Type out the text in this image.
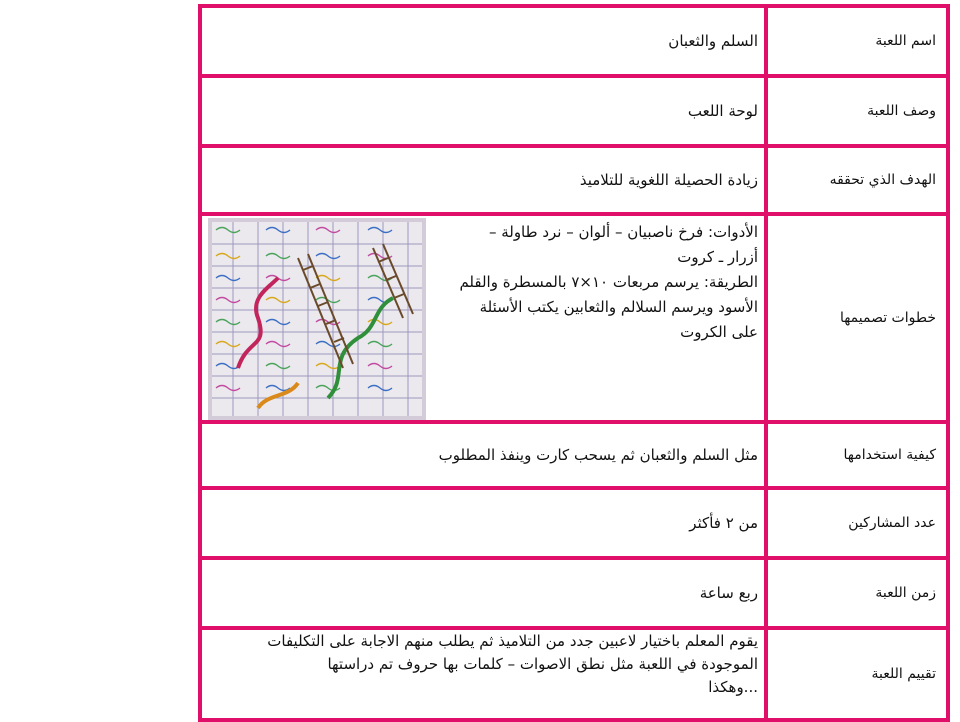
اسم اللعبة	السلم والثعبان
وصف اللعبة	لوحة اللعب
الهدف الذي تحققه	زيادة الحصيلة اللغوية للتلاميذ
خطوات تصميمها	الأدوات: فرخ ناصبيان – ألوان – نرد طاولة –
أزرار ـ كروت
الطريقة: يرسم مربعات ١٠×٧ بالمسطرة والقلم
الأسود ويرسم السلالم والثعابين يكتب الأسئلة
على الكروت

كيفية استخدامها	مثل السلم والثعبان ثم يسحب كارت وينفذ المطلوب
عدد المشاركين	من ٢ فأكثر
زمن اللعبة	ربع ساعة
تقييم اللعبة	يقوم المعلم باختيار لاعبين جدد من التلاميذ ثم يطلب منهم الاجابة على التكليفات
الموجودة في اللعبة مثل نطق الاصوات – كلمات بها حروف تم دراستها
...وهكذا
